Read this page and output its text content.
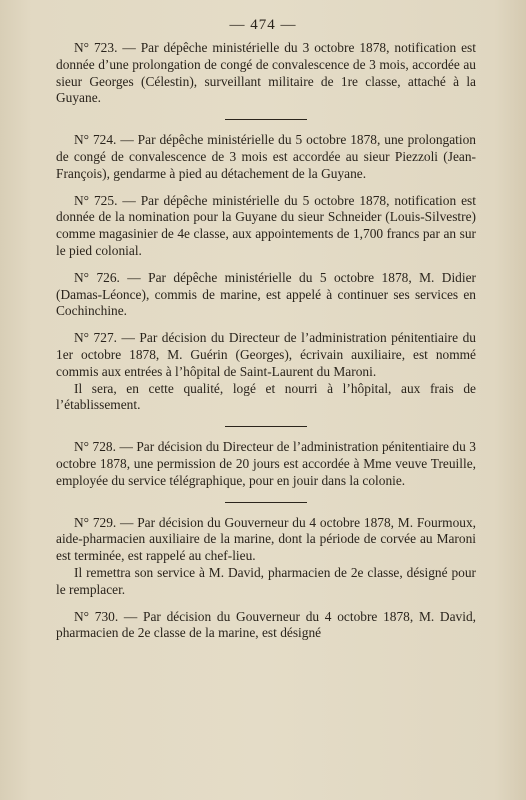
— 474 —

N° 723. — Par dépêche ministérielle du 3 octobre 1878, notification est donnée d’une prolongation de congé de convalescence de 3 mois, accordée au sieur Georges (Célestin), surveillant militaire de 1re classe, attaché à la Guyane.

N° 724. — Par dépêche ministérielle du 5 octobre 1878, une prolongation de congé de convalescence de 3 mois est accordée au sieur Piezzoli (Jean-François), gendarme à pied au détachement de la Guyane.

N° 725. — Par dépêche ministérielle du 5 octobre 1878, notification est donnée de la nomination pour la Guyane du sieur Schneider (Louis-Silvestre) comme magasinier de 4e classe, aux appointements de 1,700 francs par an sur le pied colonial.

N° 726. — Par dépêche ministérielle du 5 octobre 1878, M. Didier (Damas-Léonce), commis de marine, est appelé à continuer ses services en Cochinchine.

N° 727. — Par décision du Directeur de l’administration pénitentiaire du 1er octobre 1878, M. Guérin (Georges), écrivain auxiliaire, est nommé commis aux entrées à l’hôpital de Saint-Laurent du Maroni.

Il sera, en cette qualité, logé et nourri à l’hôpital, aux frais de l’établissement.

N° 728. — Par décision du Directeur de l’administration pénitentiaire du 3 octobre 1878, une permission de 20 jours est accordée à Mme veuve Treuille, employée du service télégraphique, pour en jouir dans la colonie.

N° 729. — Par décision du Gouverneur du 4 octobre 1878, M. Fourmoux, aide-pharmacien auxiliaire de la marine, dont la période de corvée au Maroni est terminée, est rappelé au chef-lieu.

Il remettra son service à M. David, pharmacien de 2e classe, désigné pour le remplacer.

N° 730. — Par décision du Gouverneur du 4 octobre 1878, M. David, pharmacien de 2e classe de la marine, est désigné
